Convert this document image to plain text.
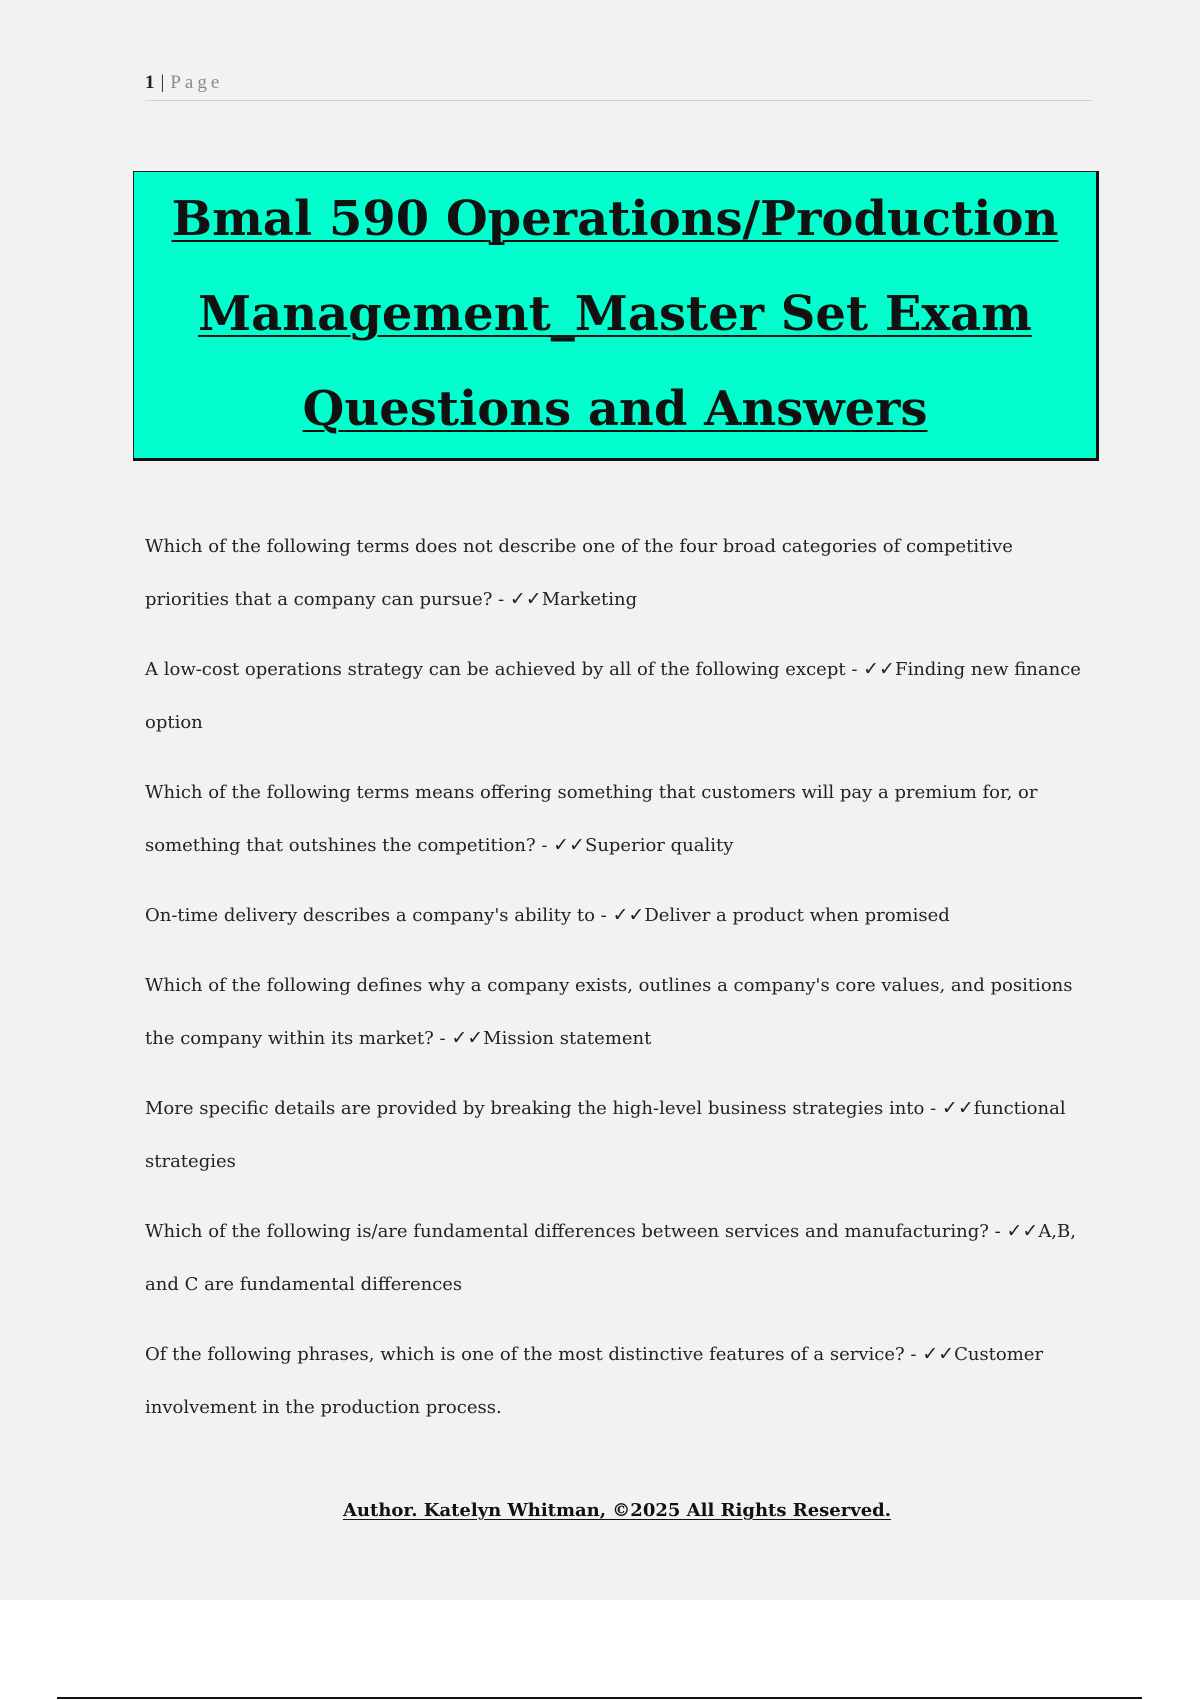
1 | Page
Bmal 590 Operations/Production
Management_Master Set Exam
Questions and Answers

Which of the following terms does not describe one of the four broad categories of competitive priorities that a company can pursue? - ✓✓Marketing

A low-cost operations strategy can be achieved by all of the following except - ✓✓Finding new finance option

Which of the following terms means offering something that customers will pay a premium for, or something that outshines the competition? - ✓✓Superior quality

On-time delivery describes a company's ability to - ✓✓Deliver a product when promised

Which of the following defines why a company exists, outlines a company's core values, and positions the company within its market? - ✓✓Mission statement

More specific details are provided by breaking the high-level business strategies into - ✓✓functional strategies

Which of the following is/are fundamental differences between services and manufacturing? - ✓✓A,B, and C are fundamental differences

Of the following phrases, which is one of the most distinctive features of a service? - ✓✓Customer involvement in the production process.

Author. Katelyn Whitman, ©2025 All Rights Reserved.
